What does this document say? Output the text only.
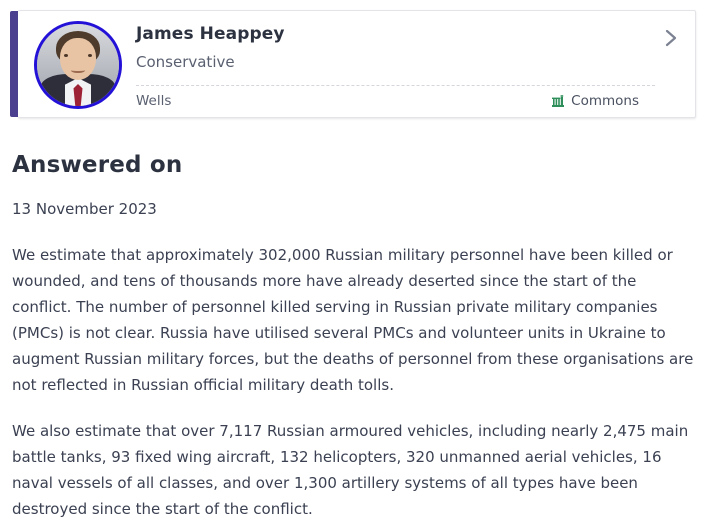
James Heappey
Conservative
Wells	Commons
Answered on

13 November 2023

We estimate that approximately 302,000 Russian military personnel have been killed or wounded, and tens of thousands more have already deserted since the start of the conflict. The number of personnel killed serving in Russian private military companies (PMCs) is not clear. Russia have utilised several PMCs and volunteer units in Ukraine to augment Russian military forces, but the deaths of personnel from these organisations are not reflected in Russian official military death tolls.

We also estimate that over 7,117 Russian armoured vehicles, including nearly 2,475 main battle tanks, 93 fixed wing aircraft, 132 helicopters, 320 unmanned aerial vehicles, 16 naval vessels of all classes, and over 1,300 artillery systems of all types have been destroyed since the start of the conflict.
